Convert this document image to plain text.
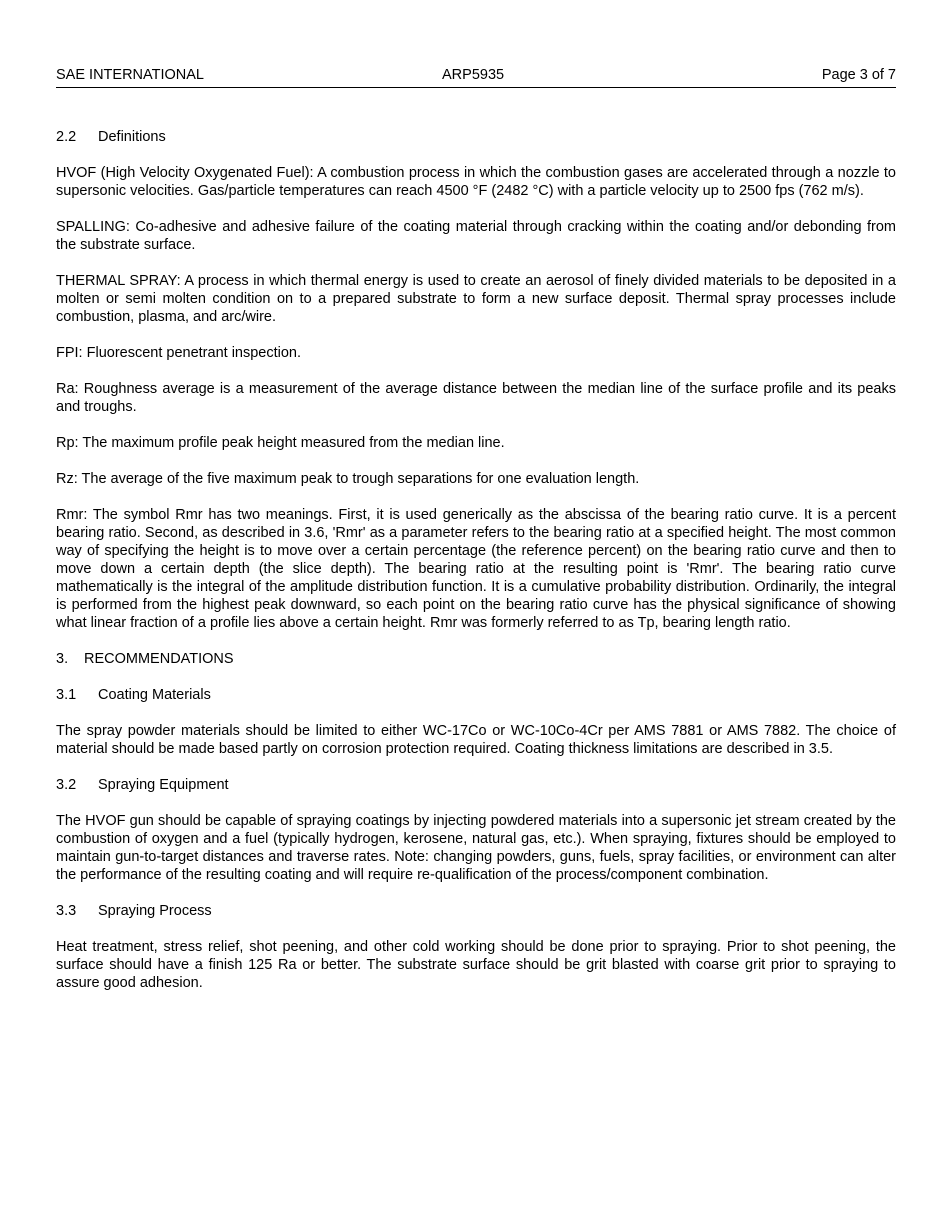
SAE INTERNATIONAL	ARP5935	Page 3 of 7
2.2 Definitions

HVOF (High Velocity Oxygenated Fuel): A combustion process in which the combustion gases are accelerated through a nozzle to supersonic velocities. Gas/particle temperatures can reach 4500 °F (2482 °C) with a particle velocity up to 2500 fps (762 m/s).

SPALLING: Co-adhesive and adhesive failure of the coating material through cracking within the coating and/or debonding from the substrate surface.

THERMAL SPRAY: A process in which thermal energy is used to create an aerosol of finely divided materials to be deposited in a molten or semi molten condition on to a prepared substrate to form a new surface deposit. Thermal spray processes include combustion, plasma, and arc/wire.

FPI: Fluorescent penetrant inspection.

Ra: Roughness average is a measurement of the average distance between the median line of the surface profile and its peaks and troughs.

Rp: The maximum profile peak height measured from the median line.

Rz: The average of the five maximum peak to trough separations for one evaluation length.

Rmr: The symbol Rmr has two meanings. First, it is used generically as the abscissa of the bearing ratio curve. It is a percent bearing ratio. Second, as described in 3.6, 'Rmr' as a parameter refers to the bearing ratio at a specified height. The most common way of specifying the height is to move over a certain percentage (the reference percent) on the bearing ratio curve and then to move down a certain depth (the slice depth). The bearing ratio at the resulting point is 'Rmr'. The bearing ratio curve mathematically is the integral of the amplitude distribution function. It is a cumulative probability distribution. Ordinarily, the integral is performed from the highest peak downward, so each point on the bearing ratio curve has the physical significance of showing what linear fraction of a profile lies above a certain height. Rmr was formerly referred to as Tp, bearing length ratio.

3. RECOMMENDATIONS
3.1 Coating Materials

The spray powder materials should be limited to either WC-17Co or WC-10Co-4Cr per AMS 7881 or AMS 7882. The choice of material should be made based partly on corrosion protection required. Coating thickness limitations are described in 3.5.

3.2 Spraying Equipment

The HVOF gun should be capable of spraying coatings by injecting powdered materials into a supersonic jet stream created by the combustion of oxygen and a fuel (typically hydrogen, kerosene, natural gas, etc.). When spraying, fixtures should be employed to maintain gun-to-target distances and traverse rates. Note: changing powders, guns, fuels, spray facilities, or environment can alter the performance of the resulting coating and will require re-qualification of the process/component combination.

3.3 Spraying Process

Heat treatment, stress relief, shot peening, and other cold working should be done prior to spraying. Prior to shot peening, the surface should have a finish 125 Ra or better. The substrate surface should be grit blasted with coarse grit prior to spraying to assure good adhesion.
